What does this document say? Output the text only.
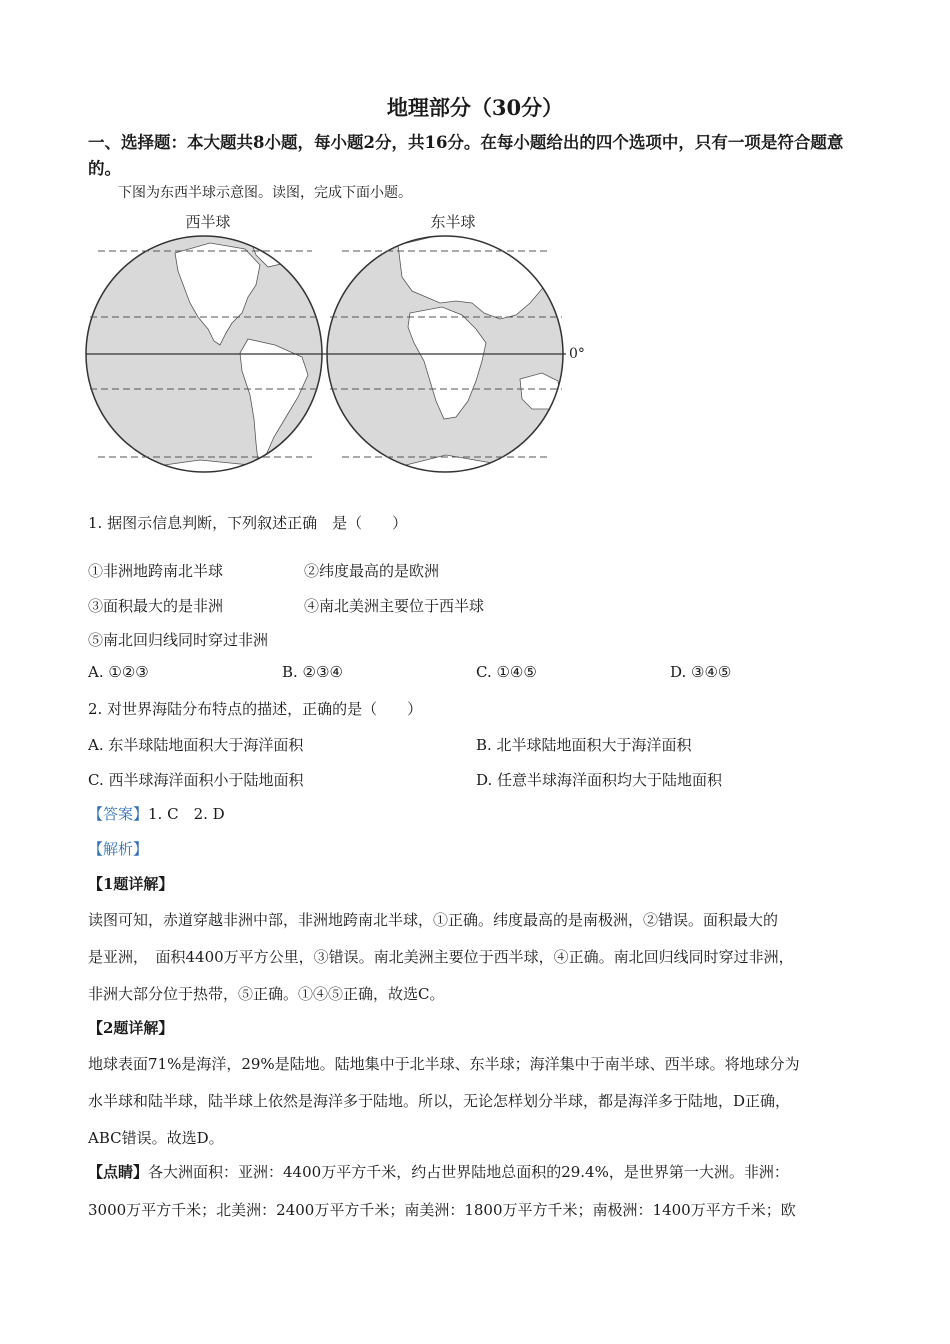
地理部分（30分）
一、选择题：本大题共8小题，每小题2分，共16分。在每小题给出的四个选项中，只有一项是符合题意的。
下图为东西半球示意图。读图，完成下面小题。
西半球	东半球
0°
1. 据图示信息判断，下列叙述正确　是（　　）
①非洲地跨南北半球	②纬度最高的是欧洲
③面积最大的是非洲	④南北美洲主要位于西半球
⑤南北回归线同时穿过非洲
A. ①②③	B. ②③④	C. ①④⑤	D. ③④⑤
2. 对世界海陆分布特点的描述，正确的是（　　）
A. 东半球陆地面积大于海洋面积	B. 北半球陆地面积大于海洋面积
C. 西半球海洋面积小于陆地面积	D. 任意半球海洋面积均大于陆地面积
【答案】1. C　2. D
【解析】
【1题详解】
读图可知，赤道穿越非洲中部，非洲地跨南北半球，①正确。纬度最高的是南极洲，②错误。面积最大的
是亚洲，　面积4400万平方公里，③错误。南北美洲主要位于西半球，④正确。南北回归线同时穿过非洲，
非洲大部分位于热带，⑤正确。①④⑤正确，故选C。
【2题详解】
地球表面71%是海洋，29%是陆地。陆地集中于北半球、东半球；海洋集中于南半球、西半球。将地球分为
水半球和陆半球，陆半球上依然是海洋多于陆地。所以，无论怎样划分半球，都是海洋多于陆地，D正确，
ABC错误。故选D。
【点睛】各大洲面积：亚洲：4400万平方千米，约占世界陆地总面积的29.4%，是世界第一大洲。非洲：
3000万平方千米；北美洲：2400万平方千米；南美洲：1800万平方千米；南极洲：1400万平方千米；欧
